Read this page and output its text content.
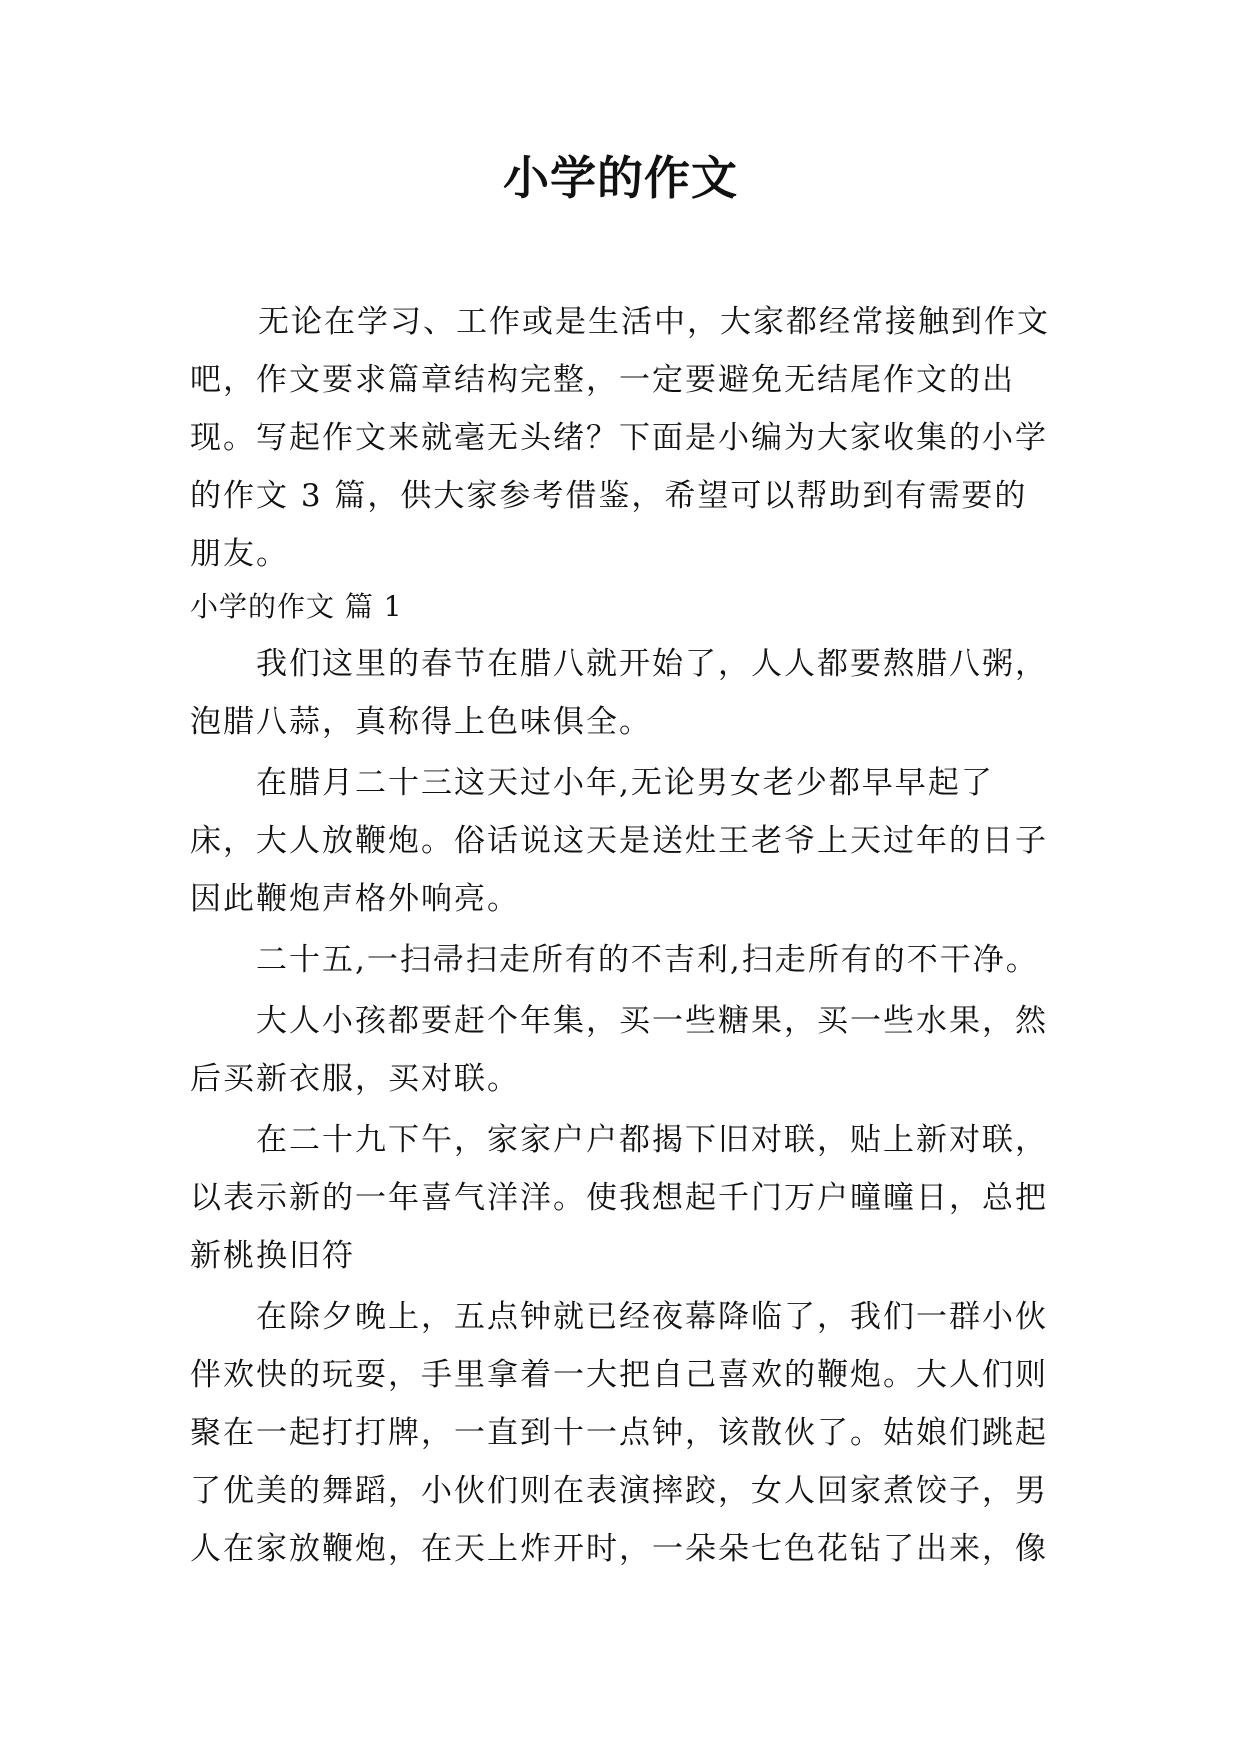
小学的作文

无论在学习、工作或是生活中，大家都经常接触到作文吧，作文要求篇章结构完整，一定要避免无结尾作文的出现。写起作文来就毫无头绪？下面是小编为大家收集的小学的作文 3 篇，供大家参考借鉴，希望可以帮助到有需要的朋友。

小学的作文 篇 1

我们这里的春节在腊八就开始了，人人都要熬腊八粥，泡腊八蒜，真称得上色味俱全。

在腊月二十三这天过小年,无论男女老少都早早起了床，大人放鞭炮。俗话说这天是送灶王老爷上天过年的日子因此鞭炮声格外响亮。

二十五,一扫帚扫走所有的不吉利,扫走所有的不干净。

大人小孩都要赶个年集，买一些糖果，买一些水果，然后买新衣服，买对联。

在二十九下午，家家户户都揭下旧对联，贴上新对联，以表示新的一年喜气洋洋。使我想起千门万户曈曈日，总把新桃换旧符

在除夕晚上，五点钟就已经夜幕降临了，我们一群小伙伴欢快的玩耍，手里拿着一大把自己喜欢的鞭炮。大人们则聚在一起打打牌，一直到十一点钟，该散伙了。姑娘们跳起了优美的舞蹈，小伙们则在表演摔跤，女人回家煮饺子，男人在家放鞭炮，在天上炸开时，一朵朵七色花钻了出来，像
